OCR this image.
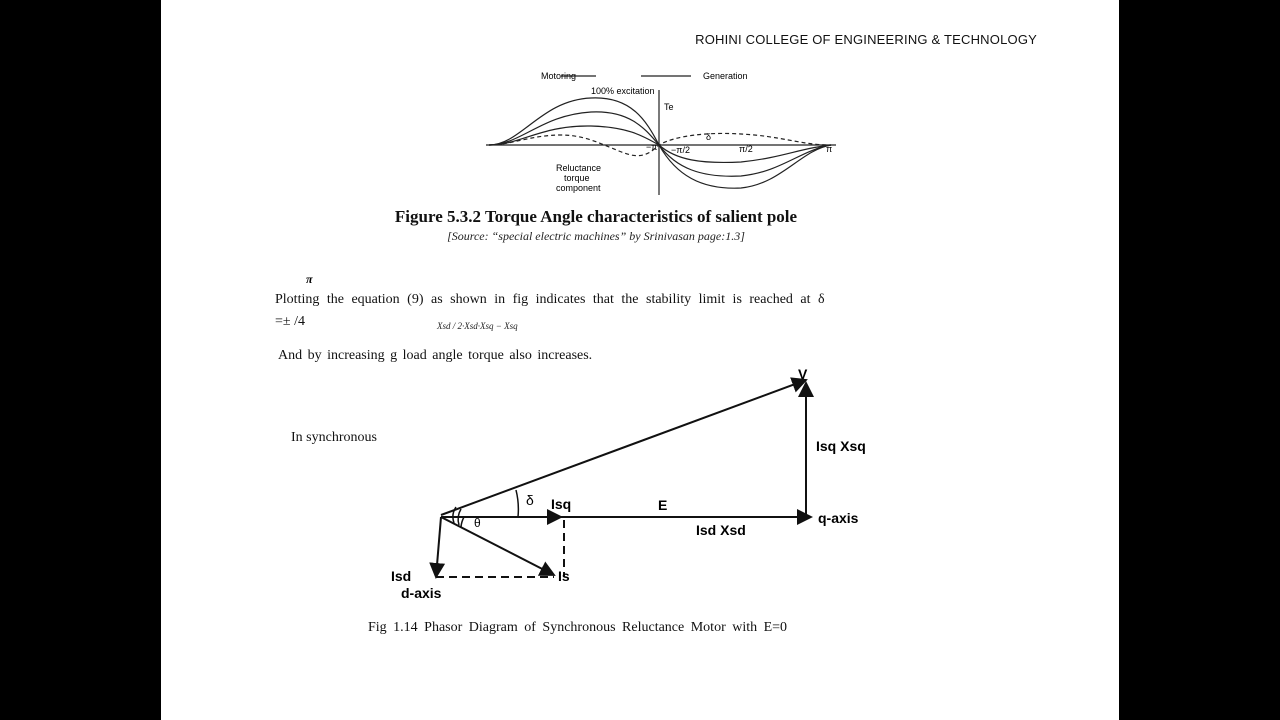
ROHINI COLLEGE OF ENGINEERING & TECHNOLOGY
Motoring	Generation
100% excitation
Te
δ
−π −π/2	π/2	π
Reluctance
torque
component
Figure 5.3.2 Torque Angle characteristics of salient pole
[Source: “special electric machines” by Srinivasan page:1.3]
π
Plotting the equation (9) as shown in fig indicates that the stability limit is reached at δ
=± /4	Xsd / 2·Xsd·Xsq − Xsq
And by increasing g load angle torque also increases.
In synchronous
V
Isq Xsq
δ Isq	E
q-axis
θ	Isd Xsd
Isd	Is
d-axis
Fig 1.14 Phasor Diagram of Synchronous Reluctance Motor with E=0
